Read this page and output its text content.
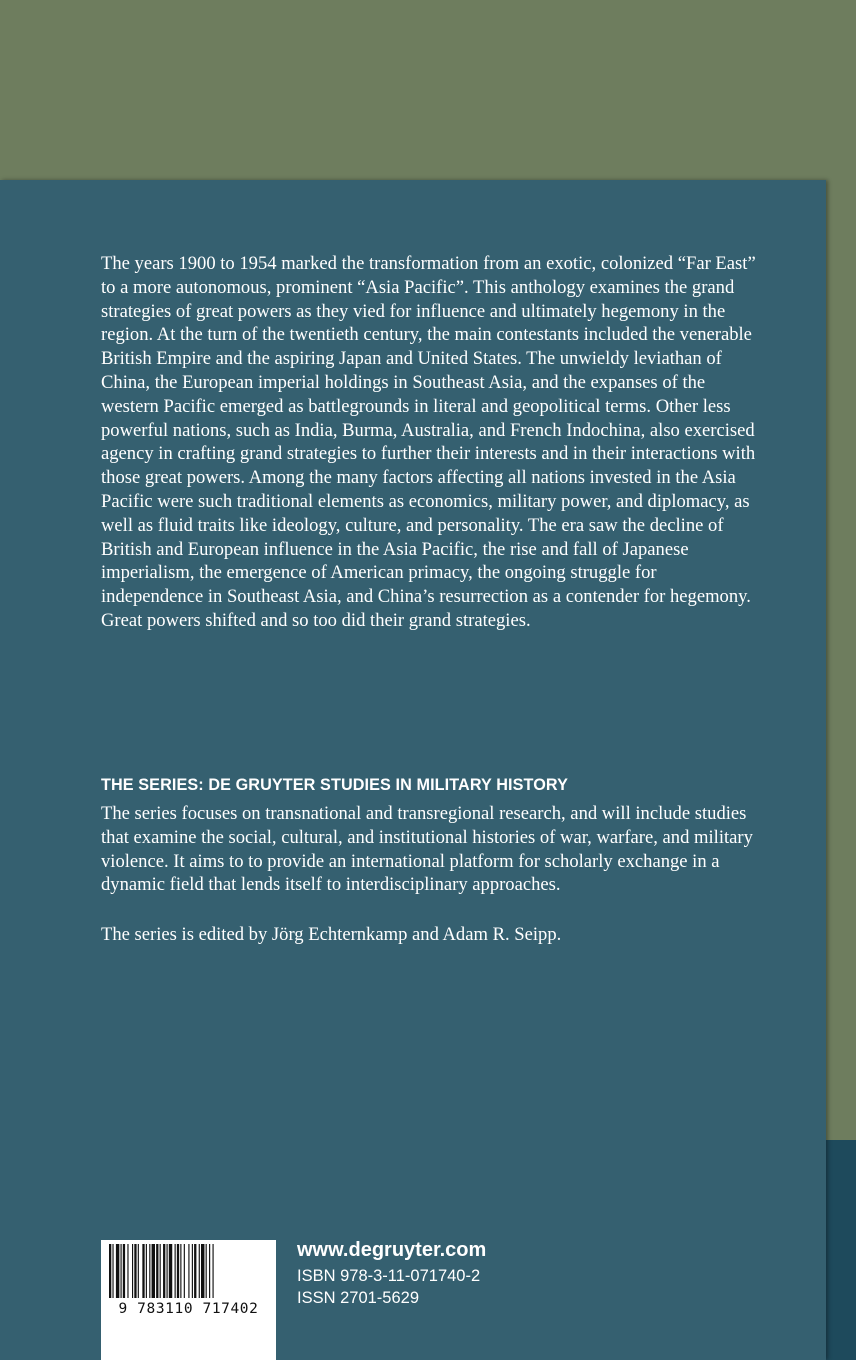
The years 1900 to 1954 marked the transformation from an exotic, colonized “Far East” to a more autonomous, prominent “Asia Pacific”. This anthology examines the grand strategies of great powers as they vied for influence and ultimately hegemony in the region. At the turn of the twentieth century, the main contestants included the venerable British Empire and the aspiring Japan and United States. The unwieldy leviathan of China, the European imperial holdings in Southeast Asia, and the expanses of the western Pacific emerged as battlegrounds in literal and geopolitical terms. Other less powerful nations, such as India, Burma, Australia, and French Indochina, also exercised agency in crafting grand strategies to further their interests and in their interactions with those great powers. Among the many factors affecting all nations invested in the Asia Pacific were such traditional elements as economics, military power, and diplomacy, as well as fluid traits like ideology, culture, and personality. The era saw the decline of British and European influence in the Asia Pacific, the rise and fall of Japanese imperialism, the emergence of American primacy, the ongoing struggle for independence in Southeast Asia, and China’s resurrection as a contender for hegemony. Great powers shifted and so too did their grand strategies.

THE SERIES: DE GRUYTER STUDIES IN MILITARY HISTORY

The series focuses on transnational and transregional research, and will include studies that examine the social, cultural, and institutional histories of war, warfare, and military violence. It aims to to provide an international platform for scholarly exchange in a dynamic field that lends itself to interdisciplinary approaches.

The series is edited by Jörg Echternkamp and Adam R. Seipp.

9 783110 717402

www.degruyter.com

ISBN 978-3-11-071740-2

ISSN 2701-5629
